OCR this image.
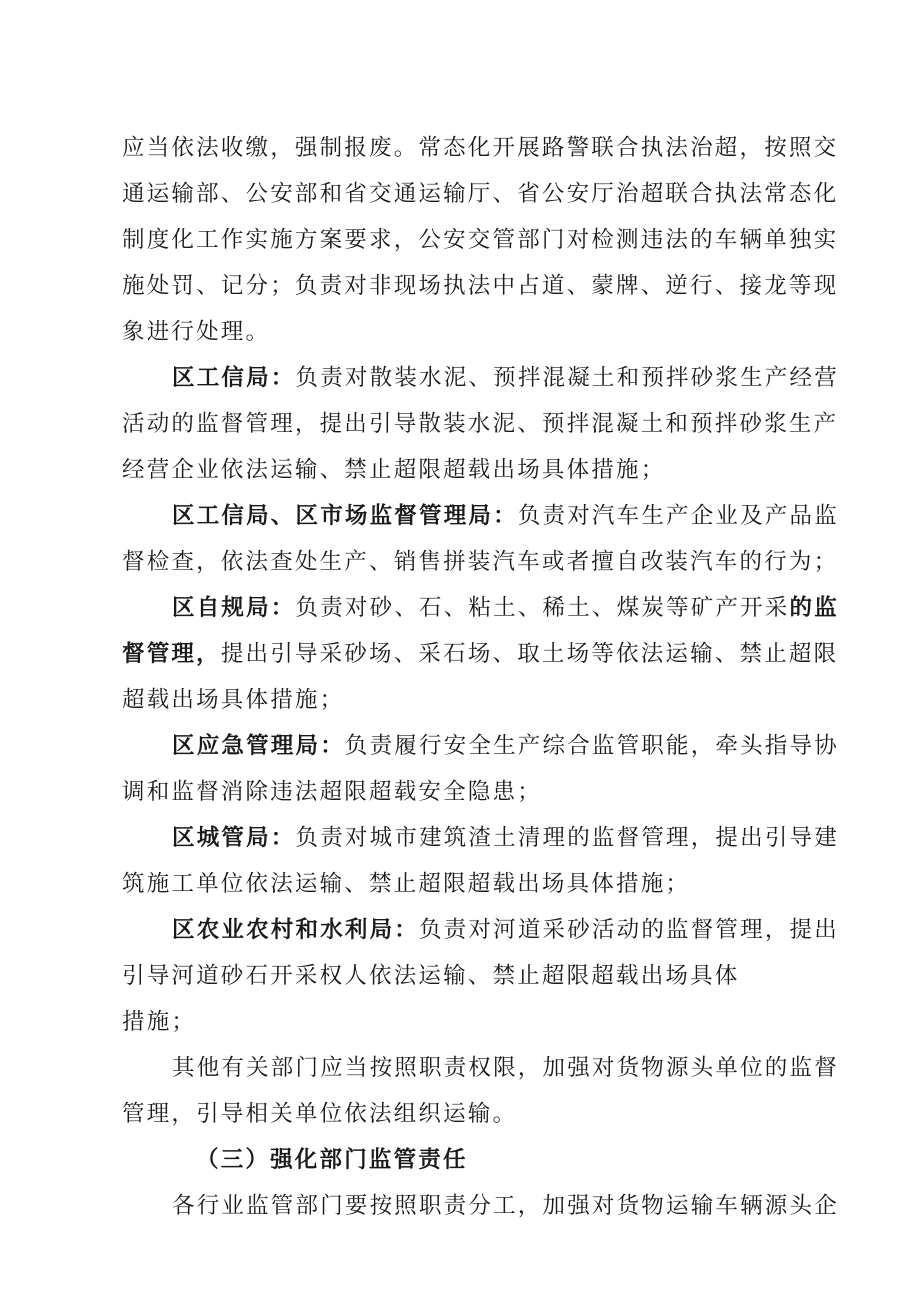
应当依法收缴，强制报废。常态化开展路警联合执法治超，按照交
通运输部、公安部和省交通运输厅、省公安厅治超联合执法常态化
制度化工作实施方案要求，公安交管部门对检测违法的车辆单独实
施处罚、记分；负责对非现场执法中占道、蒙牌、逆行、接龙等现
象进行处理。
区工信局：负责对散装水泥、预拌混凝土和预拌砂浆生产经营
活动的监督管理，提出引导散装水泥、预拌混凝土和预拌砂浆生产
经营企业依法运输、禁止超限超载出场具体措施；
区工信局、区市场监督管理局：负责对汽车生产企业及产品监
督检查，依法查处生产、销售拼装汽车或者擅自改装汽车的行为；
区自规局：负责对砂、石、粘土、稀土、煤炭等矿产开采的监
督管理，提出引导采砂场、采石场、取土场等依法运输、禁止超限
超载出场具体措施；
区应急管理局：负责履行安全生产综合监管职能，牵头指导协
调和监督消除违法超限超载安全隐患；
区城管局：负责对城市建筑渣土清理的监督管理，提出引导建
筑施工单位依法运输、禁止超限超载出场具体措施；
区农业农村和水利局：负责对河道采砂活动的监督管理，提出
引导河道砂石开采权人依法运输、禁止超限超载出场具体
措施；
其他有关部门应当按照职责权限，加强对货物源头单位的监督
管理，引导相关单位依法组织运输。
（三）强化部门监管责任
各行业监管部门要按照职责分工，加强对货物运输车辆源头企
